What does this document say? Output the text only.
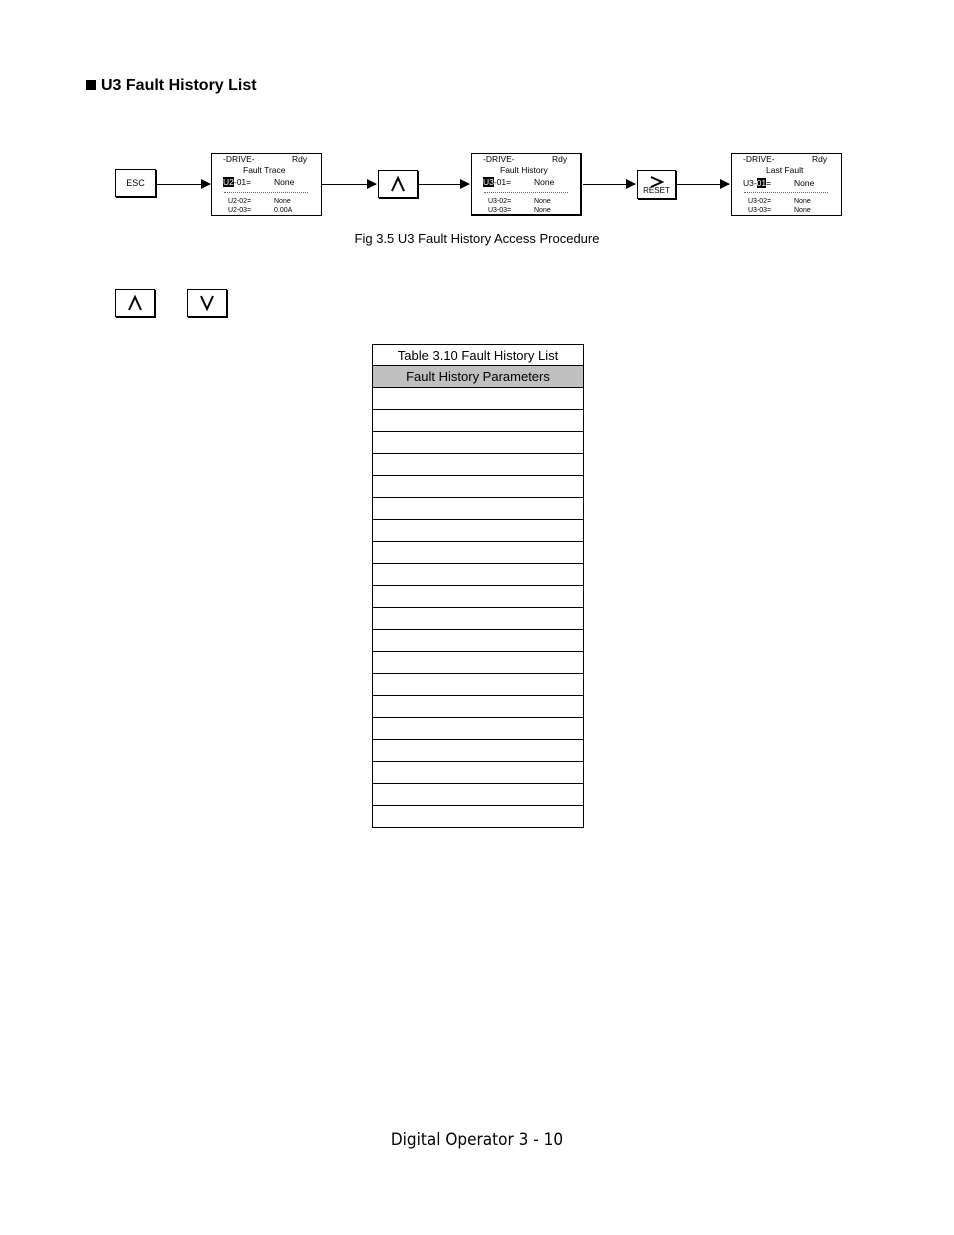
U3 Fault History List
ESC
-DRIVE-	Rdy
Fault Trace
U2-01=	None
U2-02=	None
U2-03=	0.00A
-DRIVE-	Rdy
Fault History
U3-01=	None
U3-02=	None
U3-03=	None
RESET
-DRIVE-	Rdy
Last Fault
U3-01=	None
U3-02=	None
U3-03=	None
Fig 3.5 U3 Fault History Access Procedure
Table 3.10 Fault History List
Fault History Parameters

Digital Operator 3 - 10
